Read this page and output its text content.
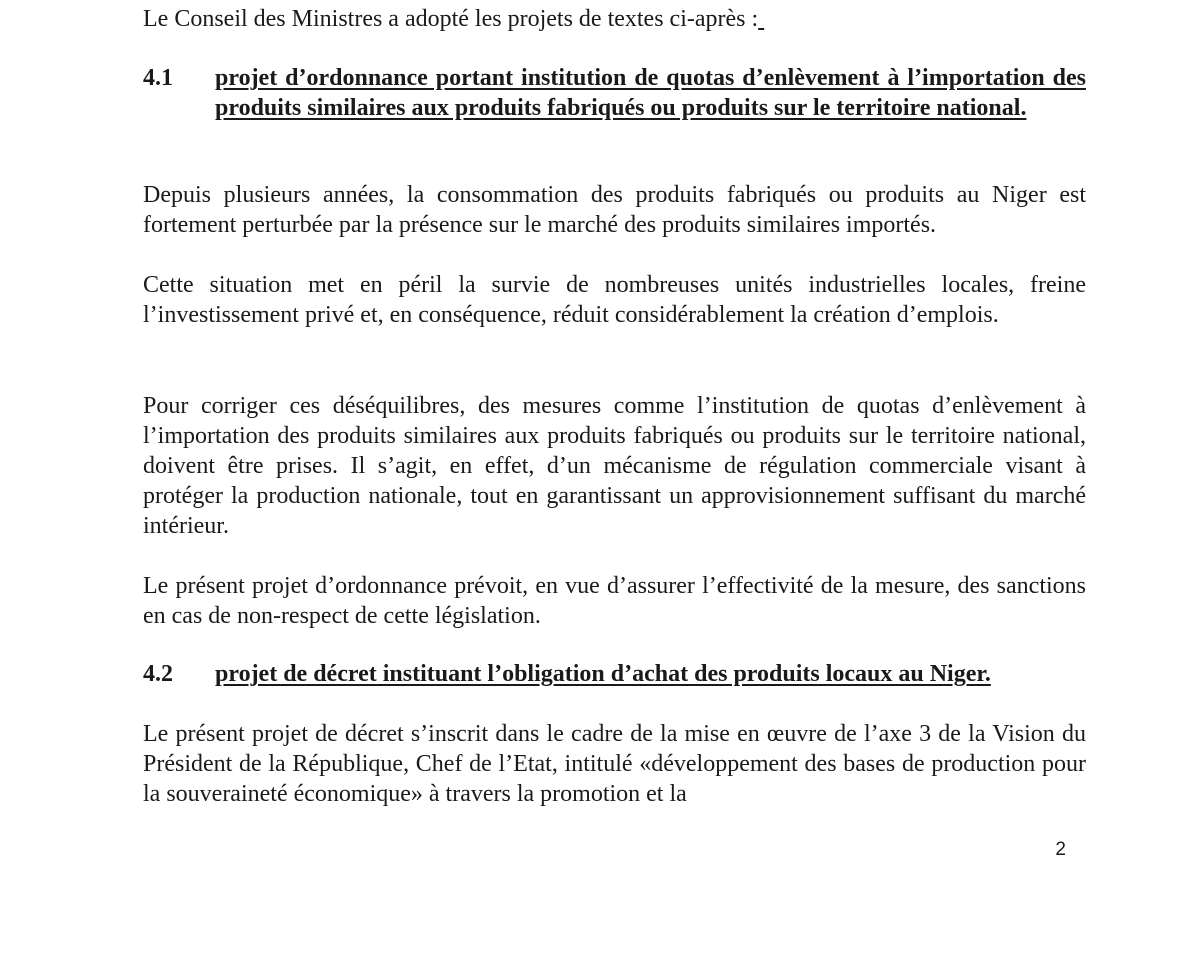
Le Conseil des Ministres a adopté les projets de textes ci-après :

4.1 projet d’ordonnance portant institution de quotas d’enlèvement à l’importation des produits similaires aux produits fabriqués ou produits sur le territoire national.

Depuis plusieurs années, la consommation des produits fabriqués ou produits au Niger est fortement perturbée par la présence sur le marché des produits similaires importés.

Cette situation met en péril la survie de nombreuses unités industrielles locales, freine l’investissement privé et, en conséquence, réduit considérablement la création d’emplois.

Pour corriger ces déséquilibres, des mesures comme l’institution de quotas d’enlèvement à l’importation des produits similaires aux produits fabriqués ou produits sur le territoire national, doivent être prises. Il s’agit, en effet, d’un mécanisme de régulation commerciale visant à protéger la production nationale, tout en garantissant un approvisionnement suffisant du marché intérieur.

Le présent projet d’ordonnance prévoit, en vue d’assurer l’effectivité de la mesure, des sanctions en cas de non-respect de cette législation.

4.2 projet de décret instituant l’obligation d’achat des produits locaux au Niger.

Le présent projet de décret s’inscrit dans le cadre de la mise en œuvre de l’axe 3 de la Vision du Président de la République, Chef de l’Etat, intitulé «développement des bases de production pour la souveraineté économique» à travers la promotion et la

2
